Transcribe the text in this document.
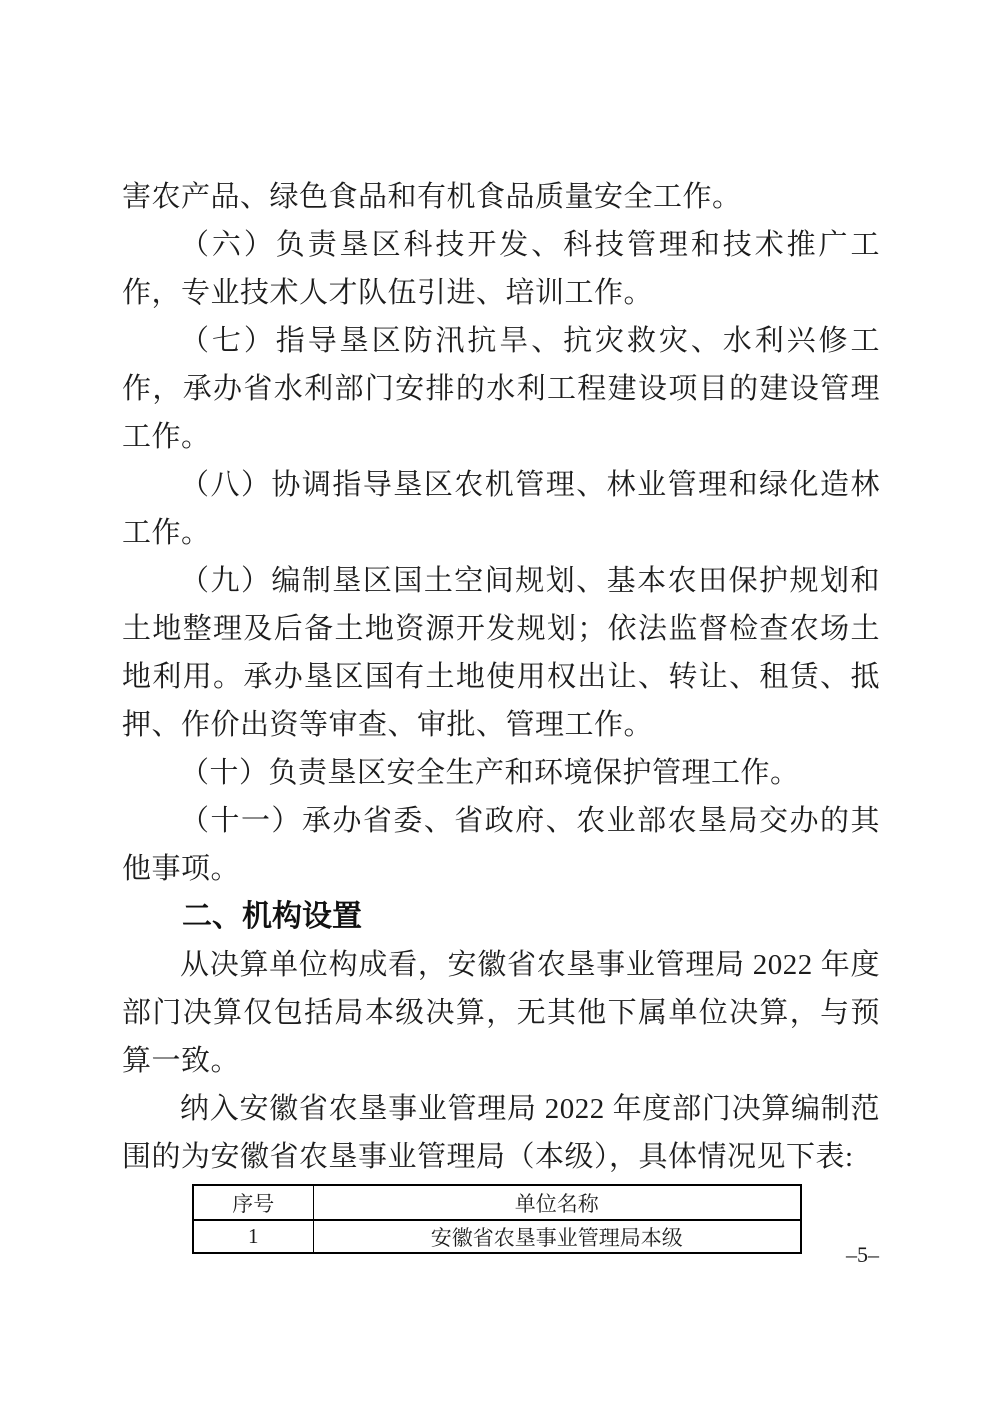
害农产品、绿色食品和有机食品质量安全工作。

（六）负责垦区科技开发、科技管理和技术推广工作，专业技术人才队伍引进、培训工作。

（七）指导垦区防汛抗旱、抗灾救灾、水利兴修工作，承办省水利部门安排的水利工程建设项目的建设管理工作。

（八）协调指导垦区农机管理、林业管理和绿化造林工作。

（九）编制垦区国土空间规划、基本农田保护规划和土地整理及后备土地资源开发规划；依法监督检查农场土地利用。承办垦区国有土地使用权出让、转让、租赁、抵押、作价出资等审查、审批、管理工作。

（十）负责垦区安全生产和环境保护管理工作。

（十一）承办省委、省政府、农业部农垦局交办的其他事项。

二、机构设置

从决算单位构成看，安徽省农垦事业管理局 2022 年度部门决算仅包括局本级决算，无其他下属单位决算，与预算一致。

纳入安徽省农垦事业管理局 2022 年度部门决算编制范围的为安徽省农垦事业管理局（本级），具体情况见下表:

序号	单位名称
1	安徽省农垦事业管理局本级
–5–
